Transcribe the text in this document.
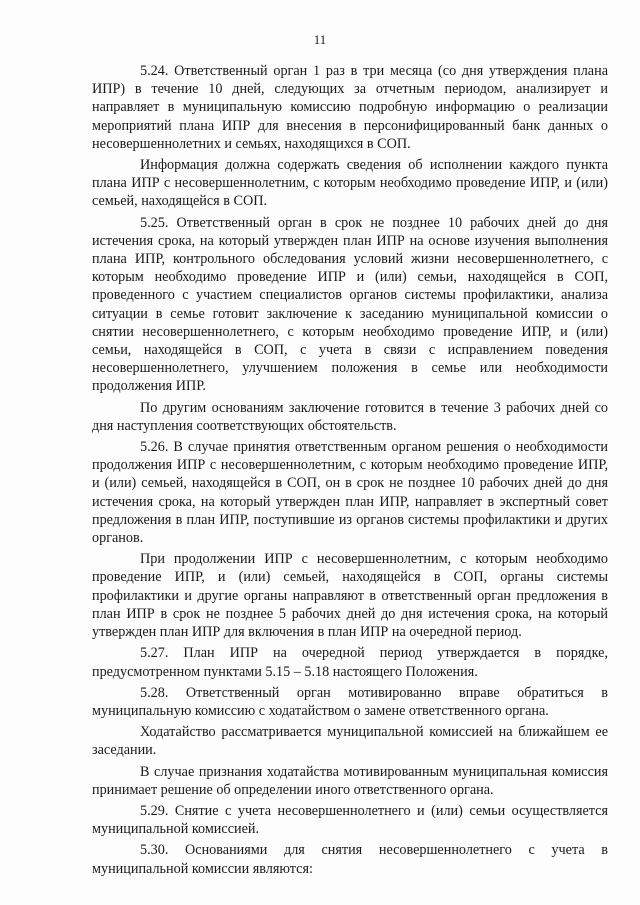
11

5.24. Ответственный орган 1 раз в три месяца (со дня утверждения плана ИПР) в течение 10 дней, следующих за отчетным периодом, анализирует и направляет в муниципальную комиссию подробную информацию о реализации мероприятий плана ИПР для внесения в персонифицированный банк данных о несовершеннолетних и семьях, находящихся в СОП.

Информация должна содержать сведения об исполнении каждого пункта плана ИПР с несовершеннолетним, с которым необходимо проведение ИПР, и (или) семьей, находящейся в СОП.

5.25. Ответственный орган в срок не позднее 10 рабочих дней до дня истечения срока, на который утвержден план ИПР на основе изучения выполнения плана ИПР, контрольного обследования условий жизни несовершеннолетнего, с которым необходимо проведение ИПР и (или) семьи, находящейся в СОП, проведенного с участием специалистов органов системы профилактики, анализа ситуации в семье готовит заключение к заседанию муниципальной комиссии о снятии несовершеннолетнего, с которым необходимо проведение ИПР, и (или) семьи, находящейся в СОП, с учета в связи с исправлением поведения несовершеннолетнего, улучшением положения в семье или необходимости продолжения ИПР.

По другим основаниям заключение готовится в течение 3 рабочих дней со дня наступления соответствующих обстоятельств.

5.26. В случае принятия ответственным органом решения о необходимости продолжения ИПР с несовершеннолетним, с которым необходимо проведение ИПР, и (или) семьей, находящейся в СОП, он в срок не позднее 10 рабочих дней до дня истечения срока, на который утвержден план ИПР, направляет в экспертный совет предложения в план ИПР, поступившие из органов системы профилактики и других органов.

При продолжении ИПР с несовершеннолетним, с которым необходимо проведение ИПР, и (или) семьей, находящейся в СОП, органы системы профилактики и другие органы направляют в ответственный орган предложения в план ИПР в срок не позднее 5 рабочих дней до дня истечения срока, на который утвержден план ИПР для включения в план ИПР на очередной период.

5.27. План ИПР на очередной период утверждается в порядке, предусмотренном пунктами 5.15 – 5.18 настоящего Положения.

5.28. Ответственный орган мотивированно вправе обратиться в муниципальную комиссию с ходатайством о замене ответственного органа.

Ходатайство рассматривается муниципальной комиссией на ближайшем ее заседании.

В случае признания ходатайства мотивированным муниципальная комиссия принимает решение об определении иного ответственного органа.

5.29. Снятие с учета несовершеннолетнего и (или) семьи осуществляется муниципальной комиссией.

5.30. Основаниями для снятия несовершеннолетнего с учета в муниципальной комиссии являются:
